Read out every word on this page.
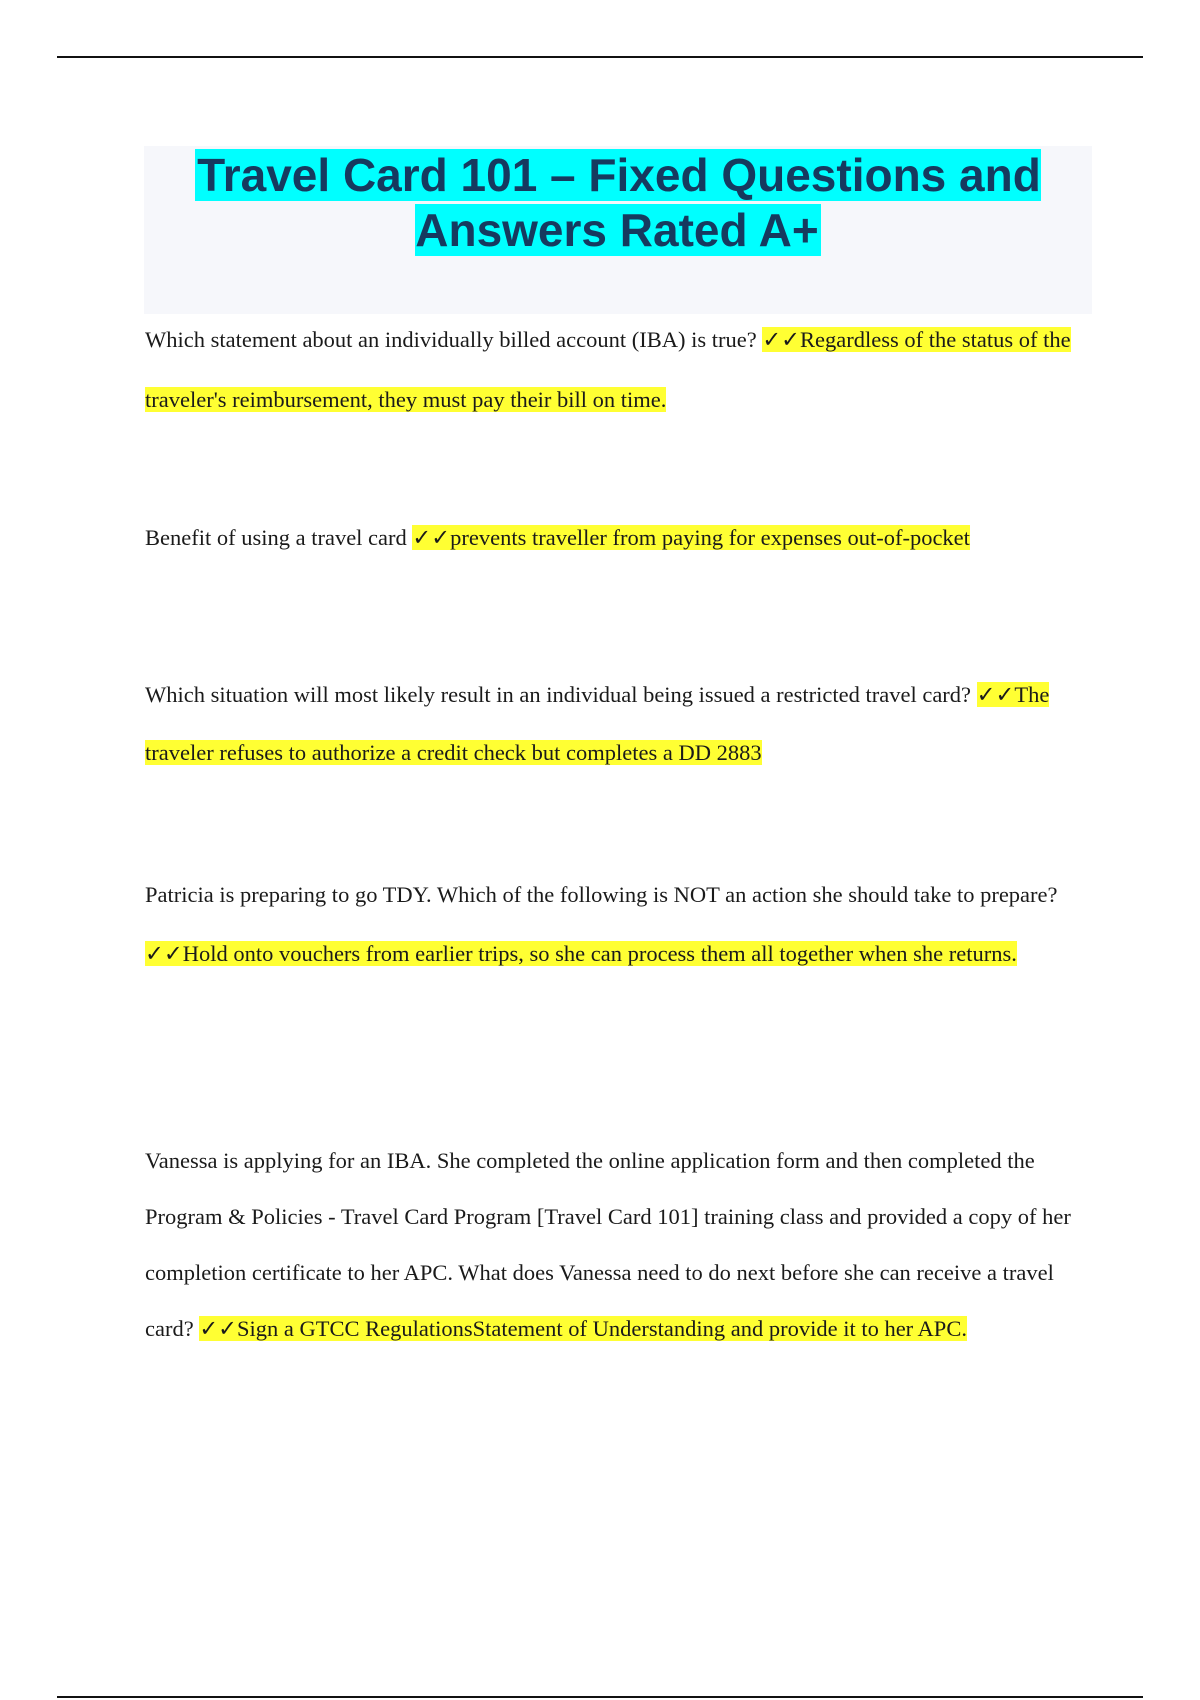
Travel Card 101 – Fixed Questions and Answers Rated A+

Which statement about an individually billed account (IBA) is true? ✓✓Regardless of the status of the traveler's reimbursement, they must pay their bill on time.

Benefit of using a travel card ✓✓prevents traveller from paying for expenses out-of-pocket

Which situation will most likely result in an individual being issued a restricted travel card? ✓✓The traveler refuses to authorize a credit check but completes a DD 2883

Patricia is preparing to go TDY. Which of the following is NOT an action she should take to prepare? ✓✓Hold onto vouchers from earlier trips, so she can process them all together when she returns.

Vanessa is applying for an IBA. She completed the online application form and then completed the Program & Policies - Travel Card Program [Travel Card 101] training class and provided a copy of her completion certificate to her APC. What does Vanessa need to do next before she can receive a travel card? ✓✓Sign a GTCC RegulationsStatement of Understanding and provide it to her APC.
